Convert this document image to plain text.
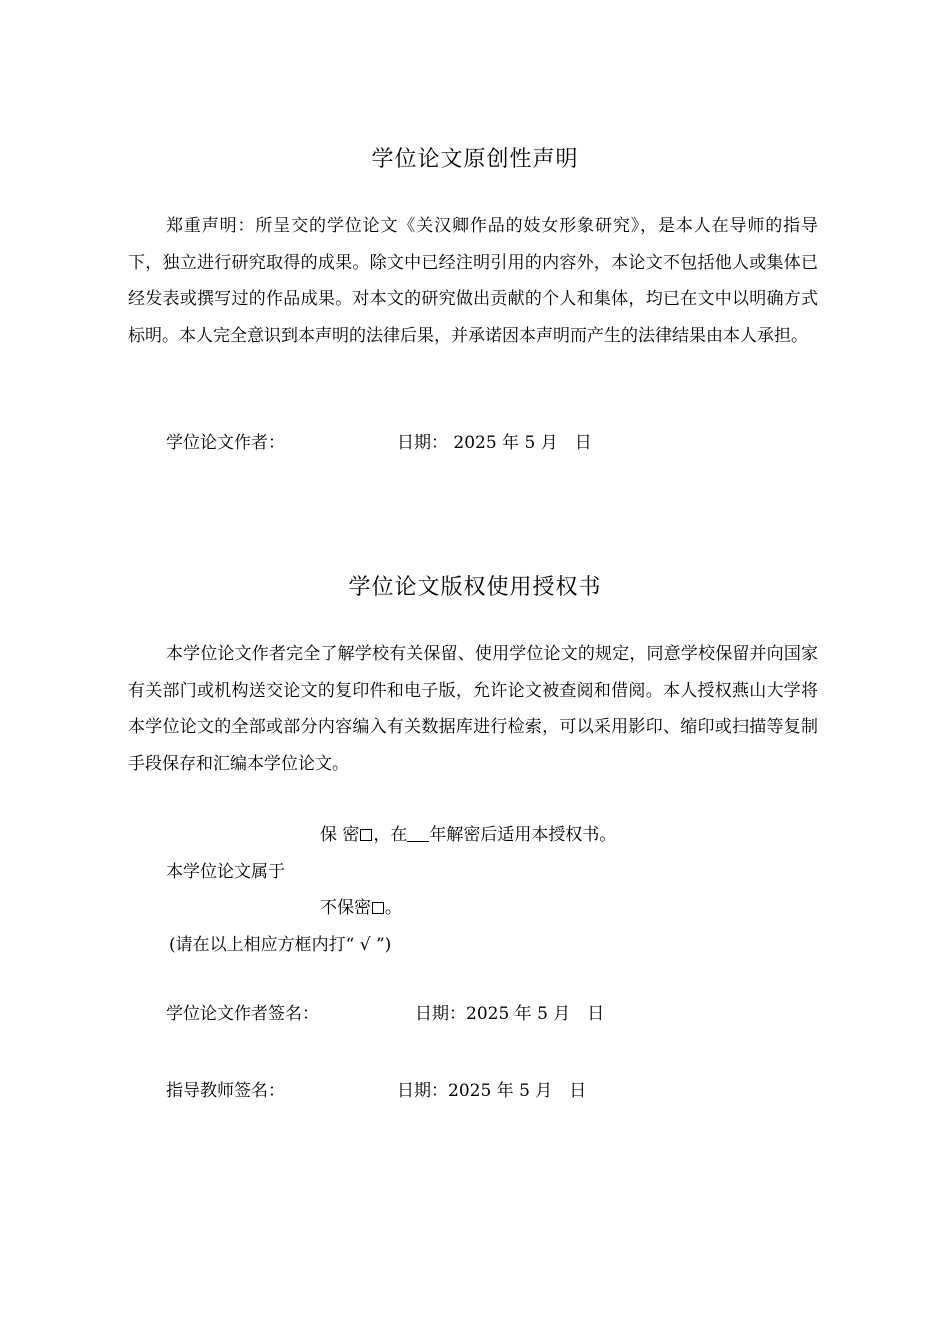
学位论文原创性声明

郑重声明：所呈交的学位论文《关汉卿作品的妓女形象研究》，是本人在导师的指导下，独立进行研究取得的成果。除文中已经注明引用的内容外，本论文不包括他人或集体已经发表或撰写过的作品成果。对本文的研究做出贡献的个人和集体，均已在文中以明确方式标明。本人完全意识到本声明的法律后果，并承诺因本声明而产生的法律结果由本人承担。

学位论文作者：	日期： 2025 年 5 月　日
学位论文版权使用授权书

本学位论文作者完全了解学校有关保留、使用学位论文的规定，同意学校保留并向国家有关部门或机构送交论文的复印件和电子版，允许论文被查阅和借阅。本人授权燕山大学将本学位论文的全部或部分内容编入有关数据库进行检索，可以采用影印、缩印或扫描等复制手段保存和汇编本学位论文。

保 密 ，在 年解密后适用本授权书。
本学位论文属于
不保密 。
(请在以上相应方框内打“ √ ”)
学位论文作者签名：	日期：2025 年 5 月　日
指导教师签名：	日期：2025 年 5 月　日
